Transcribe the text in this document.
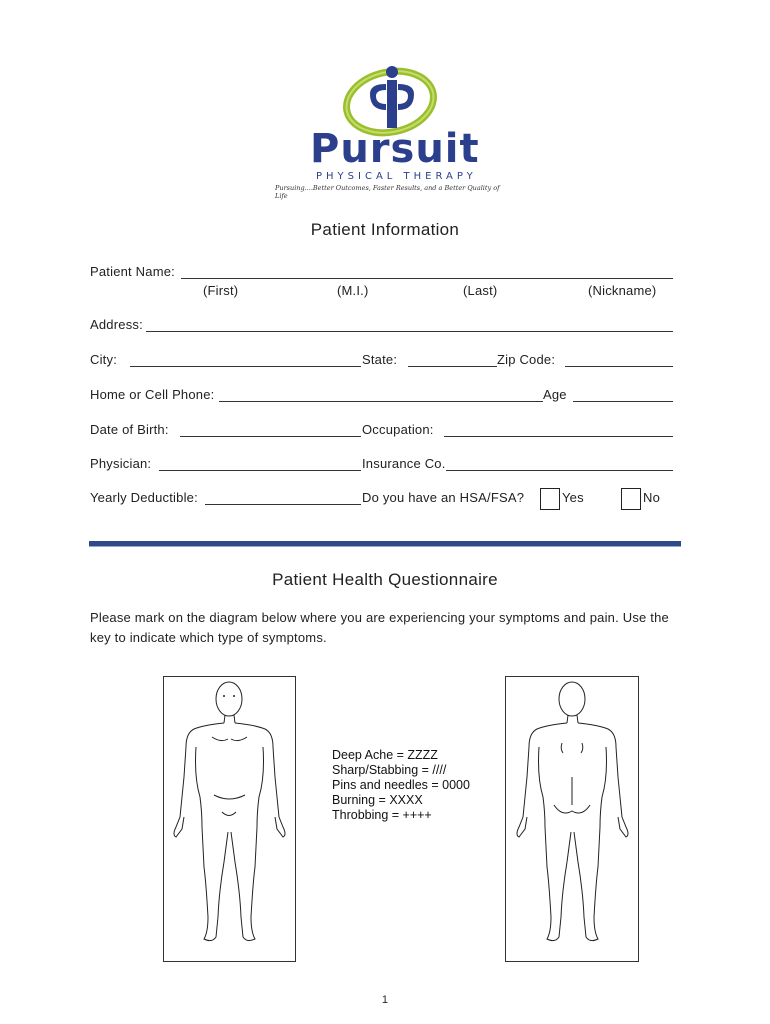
Pursuit
PHYSICAL THERAPY
Pursuing....Better Outcomes, Faster Results, and a Better Quality of Life
Patient Information
Patient Name:
(First)	(M.I.)	(Last)	(Nickname)
Address:
City:	State:	Zip Code:
Home or Cell Phone:	Age
Date of Birth:	Occupation:
Physician:	Insurance Co.
Yearly Deductible:	Do you have an HSA/FSA?	Yes	No
Patient Health Questionnaire
Please mark on the diagram below where you are experiencing your symptoms and pain. Use the
key to indicate which type of symptoms.
Deep Ache = ZZZZ
Sharp/Stabbing = ////
Pins and needles = 0000
Burning = XXXX
Throbbing = ++++
1
